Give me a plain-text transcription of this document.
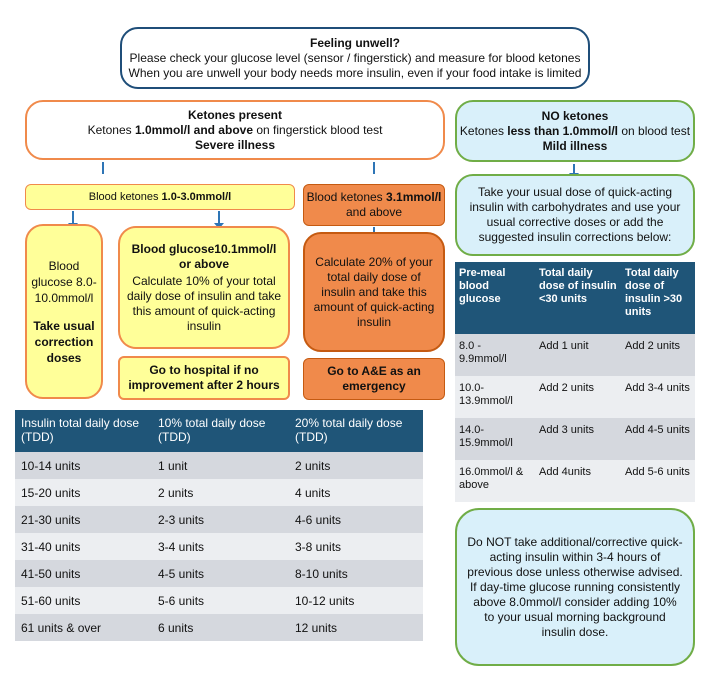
Feeling unwell?
Please check your glucose level (sensor / fingerstick) and measure for blood ketones
When you are unwell your body needs more insulin, even if your food intake is limited
Ketones present
Ketones 1.0mmol/l and above on fingerstick blood test
Severe illness
NO ketones
Ketones less than 1.0mmol/l on blood test
Mild illness
Blood ketones 1.0-3.0mmol/l	Blood ketones 3.1mmol/l
and above
Take your usual dose of quick-acting insulin with carbohydrates and use your usual corrective doses or add the suggested insulin corrections below:
Blood glucose 8.0-10.0mmol/l
Take usual correction doses
Blood glucose10.1mmol/l or above
Calculate 10% of your total daily dose of insulin and take this amount of quick-acting insulin
Calculate 20% of your total daily dose of insulin and take this amount of quick-acting insulin
Go to hospital if no improvement after 2 hours
Go to A&E as an emergency
Insulin total daily dose (TDD)	10% total daily dose (TDD)	20% total daily dose (TDD)
10-14 units	1 unit	2 units
15-20 units	2 units	4 units
21-30 units	2-3 units	4-6 units
31-40 units	3-4 units	3-8 units
41-50 units	4-5 units	8-10 units
51-60 units	5-6 units	10-12 units
61 units & over	6 units	12 units
Pre-meal blood glucose	Total daily dose of insulin <30 units	Total daily dose of insulin >30 units
8.0 - 9.9mmol/l	Add 1 unit	Add 2 units
10.0- 13.9mmol/l	Add 2 units	Add 3-4 units
14.0- 15.9mmol/l	Add 3 units	Add 4-5 units
16.0mmol/l & above	Add 4units	Add 5-6 units
Do NOT take additional/corrective quick-acting insulin within 3-4 hours of previous dose unless otherwise advised.
If day-time glucose running consistently above 8.0mmol/l consider adding 10% to your usual morning background insulin dose.
